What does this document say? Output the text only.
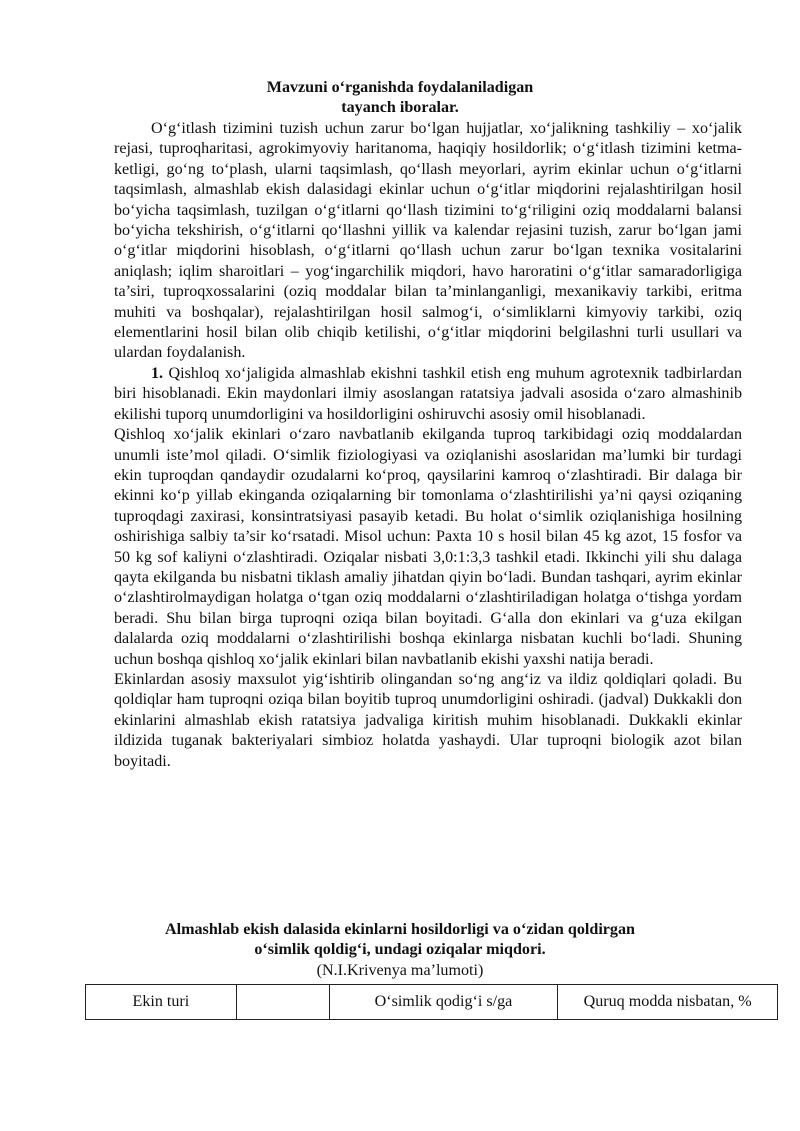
Mavzuni o‘rganishda foydalaniladigan
tayanch iboralar.

O‘g‘itlash tizimini tuzish uchun zarur bo‘lgan hujjatlar, xo‘jalikning tashkiliy – xo‘jalik rejasi, tuproqharitasi, agrokimyoviy haritanoma, haqiqiy hosildorlik; o‘g‘itlash tizimini ketma-ketligi, go‘ng to‘plash, ularni taqsimlash, qo‘llash meyorlari, ayrim ekinlar uchun o‘g‘itlarni taqsimlash, almashlab ekish dalasidagi ekinlar uchun o‘g‘itlar miqdorini rejalashtirilgan hosil bo‘yicha taqsimlash, tuzilgan o‘g‘itlarni qo‘llash tizimini to‘g‘riligini oziq moddalarni balansi bo‘yicha tekshirish, o‘g‘itlarni qo‘llashni yillik va kalendar rejasini tuzish, zarur bo‘lgan jami o‘g‘itlar miqdorini hisoblash, o‘g‘itlarni qo‘llash uchun zarur bo‘lgan texnika vositalarini aniqlash; iqlim sharoitlari – yog‘ingarchilik miqdori, havo haroratini o‘g‘itlar samaradorligiga ta’siri, tuproqxossalarini (oziq moddalar bilan ta’minlanganligi, mexanikaviy tarkibi, eritma muhiti va boshqalar), rejalashtirilgan hosil salmog‘i, o‘simliklarni kimyoviy tarkibi, oziq elementlarini hosil bilan olib chiqib ketilishi, o‘g‘itlar miqdorini belgilashni turli usullari va ulardan foydalanish.

1. Qishloq xo‘jaligida almashlab ekishni tashkil etish eng muhum agrotexnik tadbirlardan biri hisoblanadi. Ekin maydonlari ilmiy asoslangan ratatsiya jadvali asosida o‘zaro almashinib ekilishi tuporq unumdorligini va hosildorligini oshiruvchi asosiy omil hisoblanadi.

Qishloq xo‘jalik ekinlari o‘zaro navbatlanib ekilganda tuproq tarkibidagi oziq moddalardan unumli iste’mol qiladi. O‘simlik fiziologiyasi va oziqlanishi asoslaridan ma’lumki bir turdagi ekin tuproqdan qandaydir ozudalarni ko‘proq, qaysilarini kamroq o‘zlashtiradi. Bir dalaga bir ekinni ko‘p yillab ekinganda oziqalarning bir tomonlama o‘zlashtirilishi ya’ni qaysi oziqaning tuproqdagi zaxirasi, konsintratsiyasi pasayib ketadi. Bu holat o‘simlik oziqlanishiga hosilning oshirishiga salbiy ta’sir ko‘rsatadi. Misol uchun: Paxta 10 s hosil bilan 45 kg azot, 15 fosfor va 50 kg sof kaliyni o‘zlashtiradi. Oziqalar nisbati 3,0:1:3,3 tashkil etadi. Ikkinchi yili shu dalaga qayta ekilganda bu nisbatni tiklash amaliy jihatdan qiyin bo‘ladi. Bundan tashqari, ayrim ekinlar o‘zlashtirolmaydigan holatga o‘tgan oziq moddalarni o‘zlashtiriladigan holatga o‘tishga yordam beradi. Shu bilan birga tuproqni oziqa bilan boyitadi. G‘alla don ekinlari va g‘uza ekilgan dalalarda oziq moddalarni o‘zlashtirilishi boshqa ekinlarga nisbatan kuchli bo‘ladi. Shuning uchun boshqa qishloq xo‘jalik ekinlari bilan navbatlanib ekishi yaxshi natija beradi.

Ekinlardan asosiy maxsulot yig‘ishtirib olingandan so‘ng ang‘iz va ildiz qoldiqlari qoladi. Bu qoldiqlar ham tuproqni oziqa bilan boyitib tuproq unumdorligini oshiradi. (jadval) Dukkakli don ekinlarini almashlab ekish ratatsiya jadvaliga kiritish muhim hisoblanadi. Dukkakli ekinlar ildizida tuganak bakteriyalari simbioz holatda yashaydi. Ular tuproqni biologik azot bilan boyitadi.

Almashlab ekish dalasida ekinlarni hosildorligi va o‘zidan qoldirgan
o‘simlik qoldig‘i, undagi oziqalar miqdori.
(N.I.Krivenya ma’lumoti)
Ekin turi		O‘simlik qodig‘i s/ga	Quruq modda nisbatan, %
